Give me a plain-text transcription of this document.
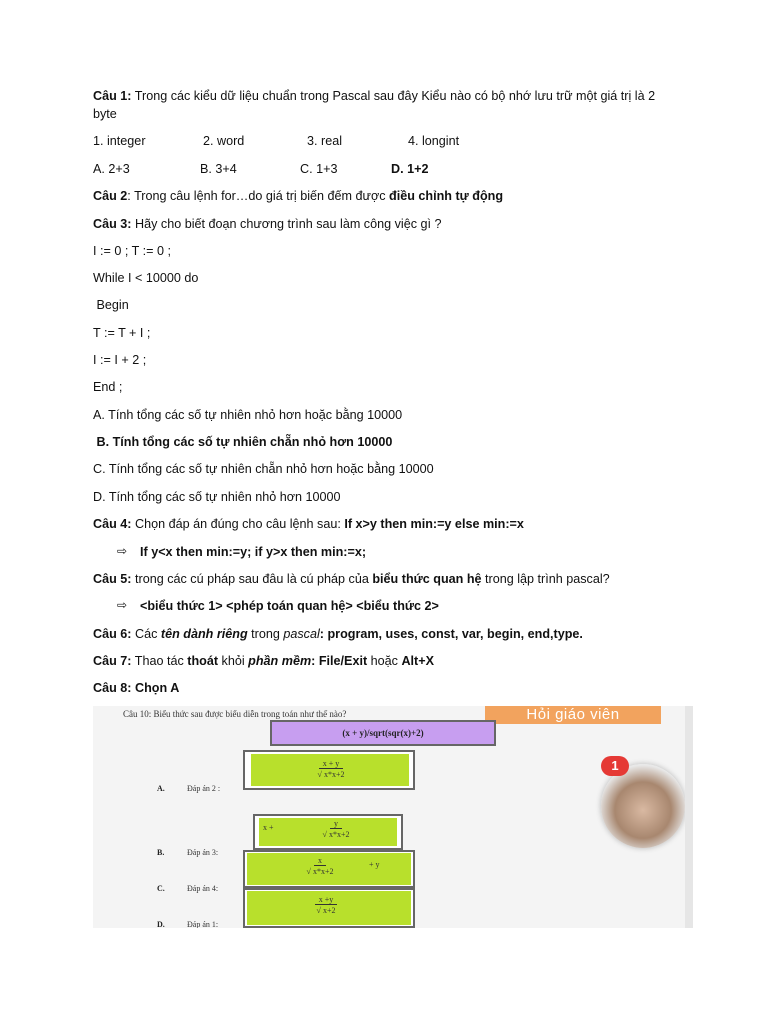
Câu 1: Trong các kiểu dữ liệu chuẩn trong Pascal sau đây Kiểu nào có bộ nhớ lưu trữ một giá trị là 2
byte
1. integer	2. word	3. real	4. longint
A. 2+3	B. 3+4	C. 1+3	D. 1+2
Câu 2: Trong câu lệnh for…do giá trị biến đếm được điều chỉnh tự động
Câu 3: Hãy cho biết đoạn chương trình sau làm công việc gì ?
I := 0 ; T := 0 ;
While I < 10000 do
Begin
T := T + I ;
I := I + 2 ;
End ;
A. Tính tổng các số tự nhiên nhỏ hơn hoặc bằng 10000
B. Tính tổng các số tự nhiên chẵn nhỏ hơn 10000
C. Tính tổng các số tự nhiên chẵn nhỏ hơn hoặc bằng 10000
D. Tính tổng các số tự nhiên nhỏ hơn 10000
Câu 4: Chọn đáp án đúng cho câu lệnh sau: If x>y then min:=y else min:=x
⇨ If y<x then min:=y; if y>x then min:=x;
Câu 5: trong các cú pháp sau đâu là cú pháp của biểu thức quan hệ trong lập trình pascal?
⇨ <biểu thức 1> <phép toán quan hệ> <biểu thức 2>
Câu 6: Các tên dành riêng trong pascal: program, uses, const, var, begin, end,type.
Câu 7: Thao tác thoát khỏi phần mềm: File/Exit hoặc Alt+X
Câu 8: Chọn A
Câu 10: Biểu thức sau được biểu diễn trong toán như thế nào?	Hỏi giáo viên
(x + y)/sqrt(sqr(x)+2)
$\frac{x + y}{√ x*x+2}$
A.	Đáp án 2 :
x +	$\frac{y}{√ x*x+2}$
B.	Đáp án 3:
$\frac{x}{√ x*x+2} + y$
C.	Đáp án 4:
$\frac{x +y}{√ x+2}$
D.	Đáp án 1:
1
